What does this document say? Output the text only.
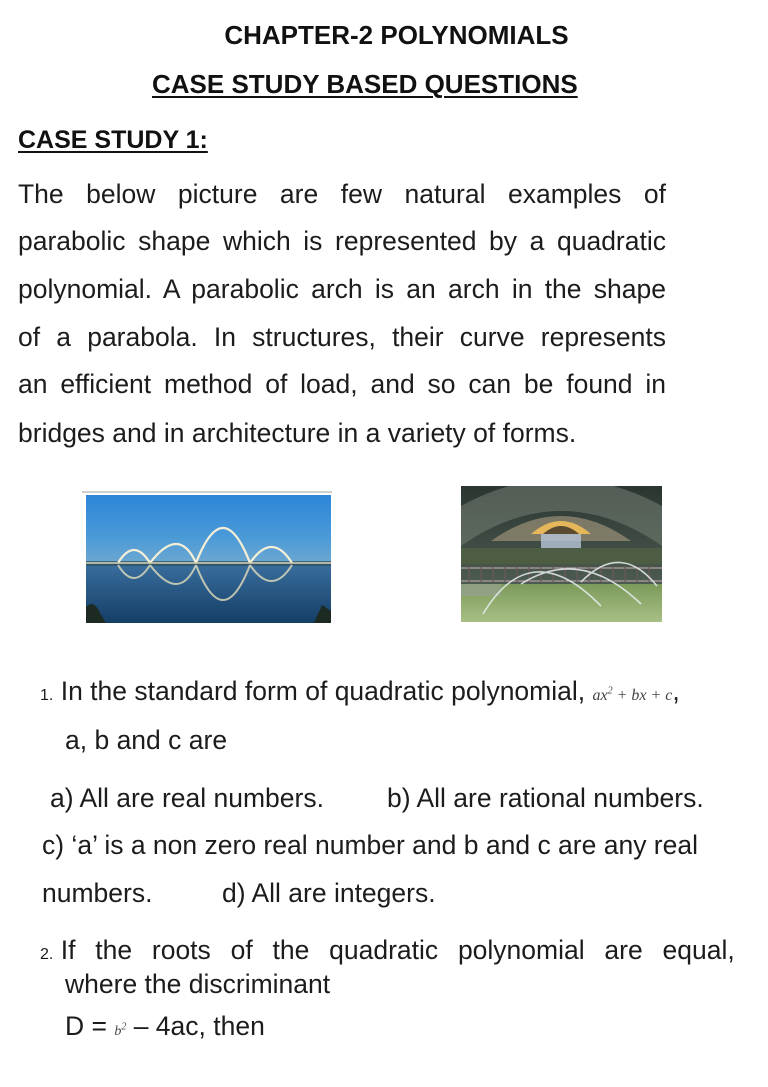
CHAPTER-2 POLYNOMIALS
CASE STUDY BASED QUESTIONS
CASE STUDY 1:
The below picture are few natural examples of
parabolic shape which is represented by a quadratic
polynomial. A parabolic arch is an arch in the shape
of a parabola. In structures, their curve represents
an efficient method of load, and so can be found in
bridges and in architecture in a variety of forms.
1. In the standard form of quadratic polynomial, $ax^2$ + bx + c,
a, b and c are
a) All are real numbers. b) All are rational numbers.
c) ‘a’ is a non zero real number and b and c are any real
numbers.	d) All are integers.
2. If the roots of the quadratic polynomial are equal,
where the discriminant
$D = b^2 - 4ac$, then
